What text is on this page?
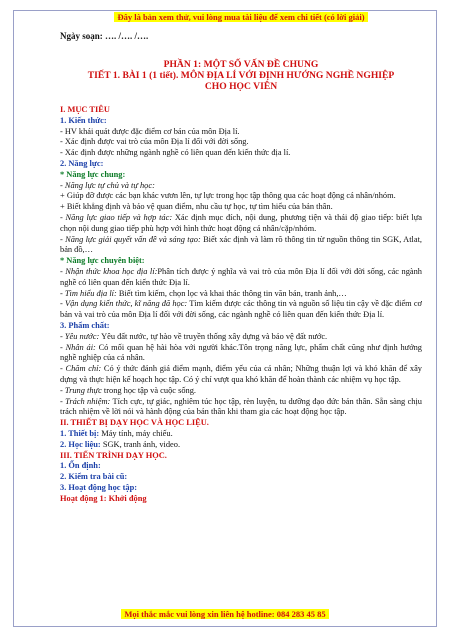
Đây là bản xem thử, vui lòng mua tài liệu để xem chi tiết (có lời giải)
Ngày soạn: …. /…. /….
PHẦN 1: MỘT SỐ VẤN ĐỀ CHUNG
TIẾT 1. BÀI 1 (1 tiết). MÔN ĐỊA LÍ VỚI ĐỊNH HƯỚNG NGHỀ NGHIỆP
CHO HỌC VIÊN

I. MỤC TIÊU

1. Kiến thức:

- HV khái quát được đặc điểm cơ bản của môn Địa lí.

- Xác định được vai trò của môn Địa lí đối với đời sống.

- Xác định được những ngành nghề có liên quan đến kiến thức địa lí.

2. Năng lực:

* Năng lực chung:

- Năng lực tự chủ và tự học:

+ Giúp đỡ được các bạn khác vươn lên, tự lực trong học tập thông qua các hoạt động cá nhân/nhóm.

+ Biết khẳng định và bảo vệ quan điểm, nhu cầu tự học, tự tìm hiểu của bản thân.

- Năng lực giao tiếp và hợp tác: Xác định mục đích, nội dung, phương tiện và thái độ giao tiếp: biết lựa chọn nội dung giao tiếp phù hợp với hình thức hoạt động cá nhân/cặp/nhóm.

- Năng lực giải quyết vấn đề và sáng tạo: Biết xác định và làm rõ thông tin từ nguồn thông tin SGK, Atlat, bản đồ,…

* Năng lực chuyên biệt:

- Nhận thức khoa học địa lí:Phân tích được ý nghĩa và vai trò của môn Địa lí đối với đời sống, các ngành nghề có liên quan đến kiến thức Địa lí.

- Tìm hiểu địa lí: Biết tìm kiếm, chọn lọc và khai thác thông tin văn bản, tranh ảnh,…

- Vận dụng kiến thức, kĩ năng đã học: Tìm kiếm được các thông tin và nguồn số liệu tin cậy về đặc điểm cơ bản và vai trò của môn Địa lí đối với đời sống, các ngành nghề có liên quan đến kiến thức Địa lí.

3. Phẩm chất:

- Yêu nước: Yêu đất nước, tự hào về truyền thống xây dựng và bảo vệ đất nước.

- Nhân ái: Có mối quan hệ hài hòa với người khác.Tôn trọng năng lực, phẩm chất cũng như định hướng nghề nghiệp của cá nhân.

- Chăm chỉ: Có ý thức đánh giá điểm mạnh, điểm yếu của cá nhân; Những thuận lợi và khó khăn để xây dựng và thực hiện kế hoạch học tập. Có ý chí vượt qua khó khăn để hoàn thành các nhiệm vụ học tập.

- Trung thực trong học tập và cuộc sống.

- Trách nhiệm: Tích cực, tự giác, nghiêm túc học tập, rèn luyện, tu dưỡng đạo đức bản thân. Sẵn sàng chịu trách nhiệm về lời nói và hành động của bản thân khi tham gia các hoạt động học tập.

II. THIẾT BỊ DẠY HỌC VÀ HỌC LIỆU.

1. Thiết bị: Máy tính, máy chiếu.

2. Học liệu: SGK, tranh ảnh, video.

III. TIẾN TRÌNH DẠY HỌC.

1. Ổn định:

2. Kiểm tra bài cũ:

3. Hoạt động học tập:

Hoạt động 1: Khởi động

Mọi thắc mắc vui lòng xin liên hệ hotline: 084 283 45 85
